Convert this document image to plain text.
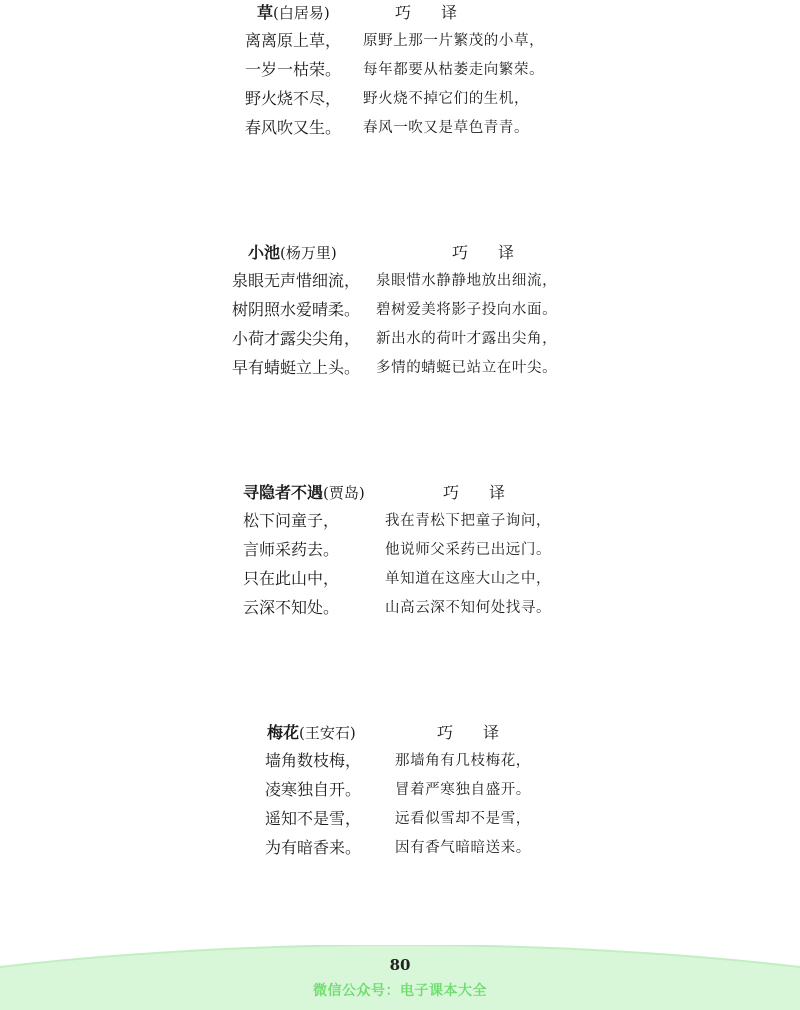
草(白居易)	巧译
离离原上草， 原野上那一片繁茂的小草，
一岁一枯荣。 每年都要从枯萎走向繁荣。
野火烧不尽， 野火烧不掉它们的生机，
春风吹又生。 春风一吹又是草色青青。
小池(杨万里)	巧译
泉眼无声惜细流， 泉眼惜水静静地放出细流，
树阴照水爱晴柔。 碧树爱美将影子投向水面。
小荷才露尖尖角， 新出水的荷叶才露出尖角，
早有蜻蜓立上头。 多情的蜻蜓已站立在叶尖。
寻隐者不遇(贾岛)	巧译
松下问童子，	我在青松下把童子询问，
言师采药去。	他说师父采药已出远门。
只在此山中，	单知道在这座大山之中，
云深不知处。	山高云深不知何处找寻。
梅花(王安石)	巧译
墙角数枝梅， 那墙角有几枝梅花，
凌寒独自开。 冒着严寒独自盛开。
遥知不是雪， 远看似雪却不是雪，
为有暗香来。 因有香气暗暗送来。
80
微信公众号：电子课本大全
